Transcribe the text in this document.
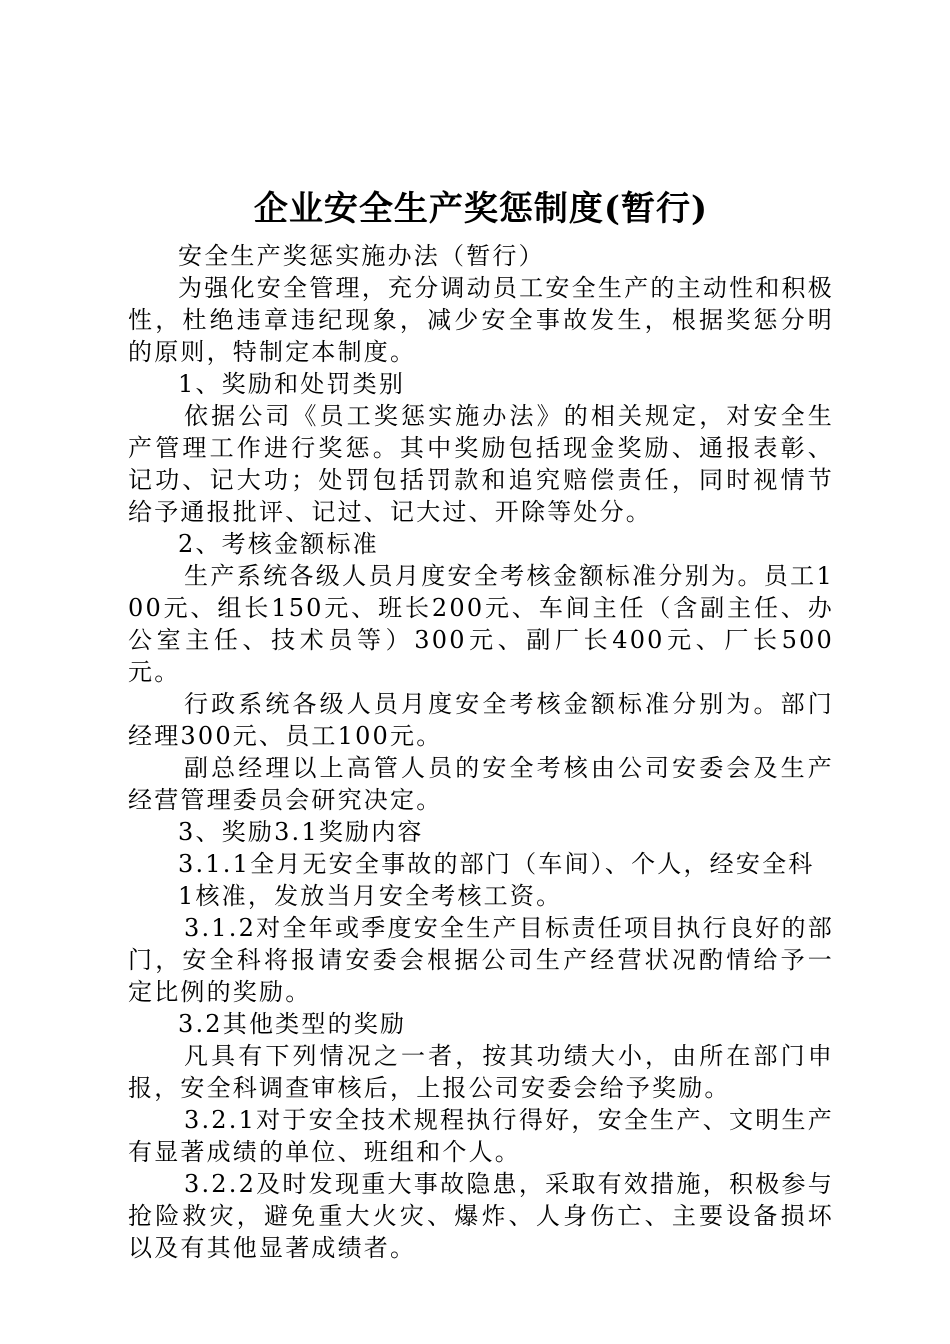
企业安全生产奖惩制度(暂行)

安全生产奖惩实施办法（暂行）

为强化安全管理，充分调动员工安全生产的主动性和积极性，杜绝违章违纪现象，减少安全事故发生，根据奖惩分明的原则，特制定本制度。

1、奖励和处罚类别

依据公司《员工奖惩实施办法》的相关规定，对安全生产管理工作进行奖惩。其中奖励包括现金奖励、通报表彰、记功、记大功；处罚包括罚款和追究赔偿责任，同时视情节给予通报批评、记过、记大过、开除等处分。

2、考核金额标准

生产系统各级人员月度安全考核金额标准分别为。员工100元、组长150元、班长200元、车间主任（含副主任、办公室主任、技术员等）300元、副厂长400元、厂长500元。

行政系统各级人员月度安全考核金额标准分别为。部门经理300元、员工100元。

副总经理以上高管人员的安全考核由公司安委会及生产经营管理委员会研究决定。

3、奖励3.1奖励内容

3.1.1全月无安全事故的部门（车间）、个人，经安全科

1核准，发放当月安全考核工资。

3.1.2对全年或季度安全生产目标责任项目执行良好的部门，安全科将报请安委会根据公司生产经营状况酌情给予一定比例的奖励。

3.2其他类型的奖励

凡具有下列情况之一者，按其功绩大小，由所在部门申报，安全科调查审核后，上报公司安委会给予奖励。

3.2.1对于安全技术规程执行得好，安全生产、文明生产有显著成绩的单位、班组和个人。

3.2.2及时发现重大事故隐患，采取有效措施，积极参与抢险救灾，避免重大火灾、爆炸、人身伤亡、主要设备损坏以及有其他显著成绩者。
